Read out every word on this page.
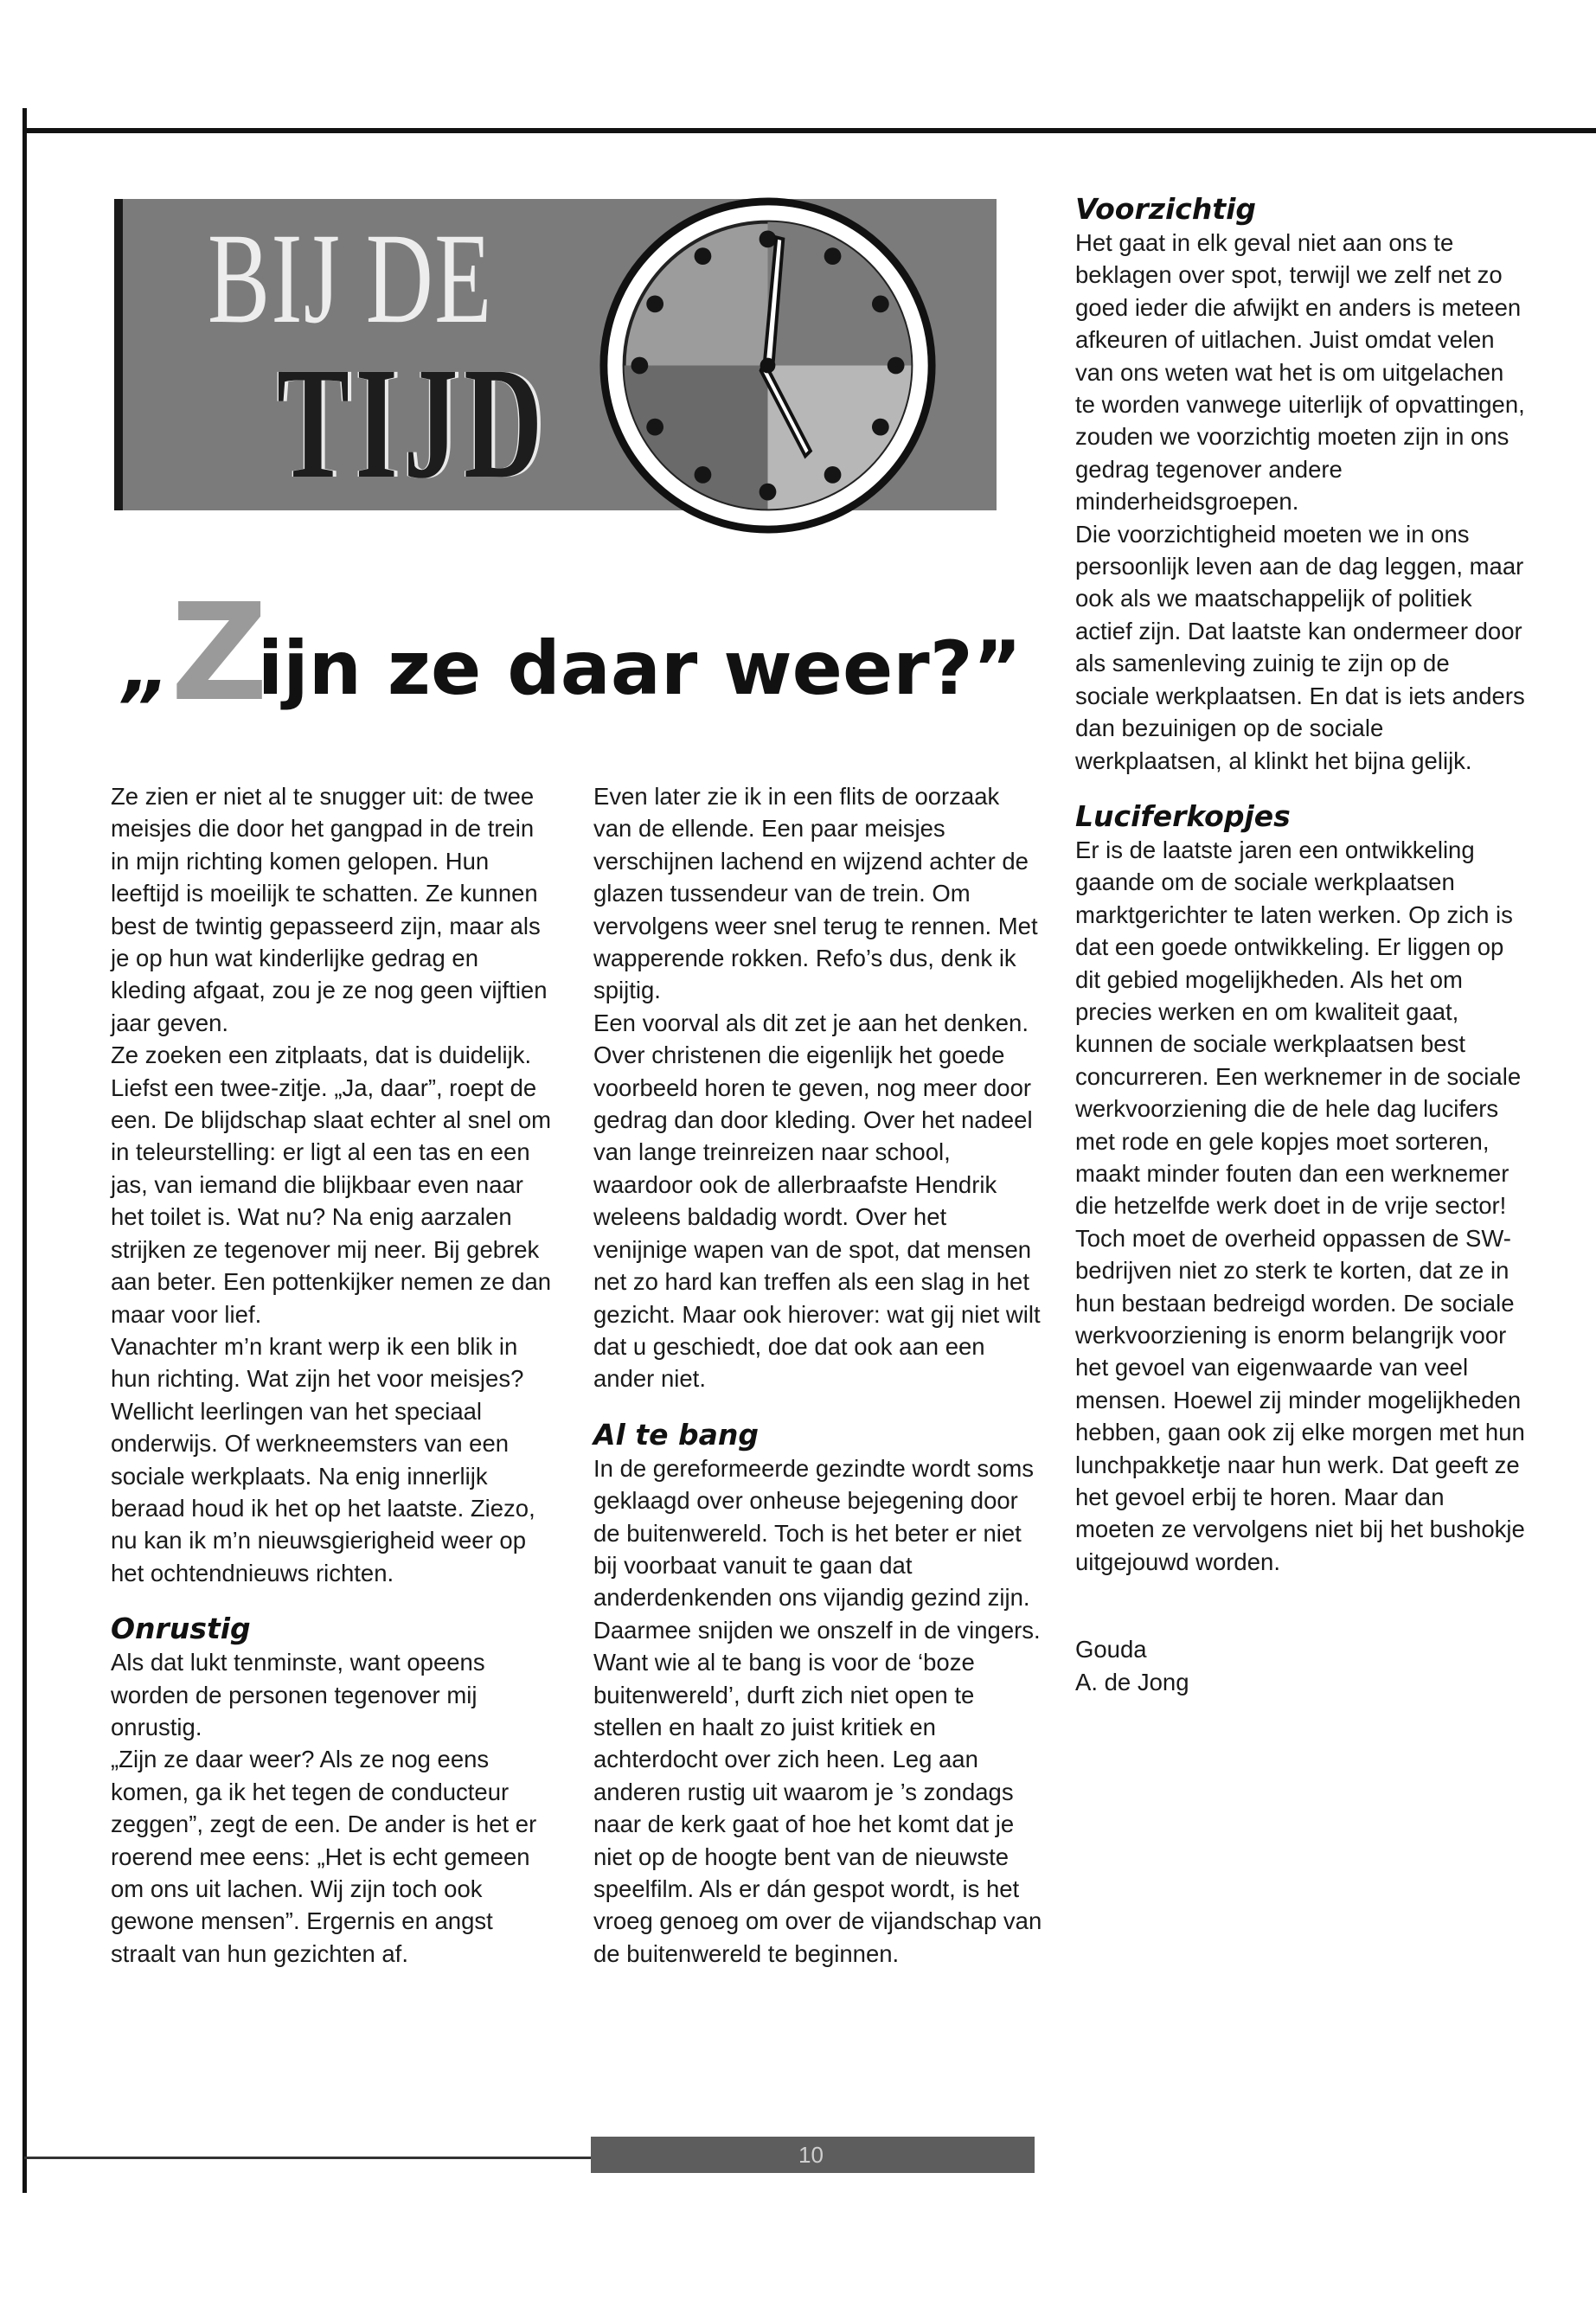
BIJ DE
TIJD
„Zijn ze daar weer?”

Ze zien er niet al te snugger uit: de twee meisjes die door het gangpad in de trein in mijn richting komen gelopen. Hun leeftijd is moeilijk te schatten. Ze kunnen best de twintig gepasseerd zijn, maar als je op hun wat kinderlijke gedrag en kleding afgaat, zou je ze nog geen vijftien jaar geven.

Ze zoeken een zitplaats, dat is duidelijk. Liefst een twee-zitje. „Ja, daar”, roept de een. De blijdschap slaat echter al snel om in teleurstelling: er ligt al een tas en een jas, van iemand die blijkbaar even naar het toilet is. Wat nu? Na enig aarzalen strijken ze tegenover mij neer. Bij gebrek aan beter. Een pottenkijker nemen ze dan maar voor lief.

Vanachter m’n krant werp ik een blik in hun richting. Wat zijn het voor meisjes? Wellicht leerlingen van het speciaal onderwijs. Of werkneemsters van een sociale werkplaats. Na enig innerlijk beraad houd ik het op het laatste. Ziezo, nu kan ik m’n nieuwsgierigheid weer op het ochtendnieuws richten.

Onrustig

Als dat lukt tenminste, want opeens worden de personen tegenover mij onrustig.

„Zijn ze daar weer? Als ze nog eens komen, ga ik het tegen de conducteur zeggen”, zegt de een. De ander is het er roerend mee eens: „Het is echt gemeen om ons uit lachen. Wij zijn toch ook gewone mensen”. Ergernis en angst straalt van hun gezichten af.

Even later zie ik in een flits de oorzaak van de ellende. Een paar meisjes verschijnen lachend en wijzend achter de glazen tussendeur van de trein. Om vervolgens weer snel terug te rennen. Met wapperende rokken. Refo’s dus, denk ik spijtig.

Een voorval als dit zet je aan het denken. Over christenen die eigenlijk het goede voorbeeld horen te geven, nog meer door gedrag dan door kleding. Over het nadeel van lange treinreizen naar school, waardoor ook de allerbraafste Hendrik weleens baldadig wordt. Over het venijnige wapen van de spot, dat mensen net zo hard kan treffen als een slag in het gezicht. Maar ook hierover: wat gij niet wilt dat u geschiedt, doe dat ook aan een ander niet.

Al te bang

In de gereformeerde gezindte wordt soms geklaagd over onheuse bejegening door de buitenwereld. Toch is het beter er niet bij voorbaat vanuit te gaan dat anderdenkenden ons vijandig gezind zijn. Daarmee snijden we onszelf in de vingers. Want wie al te bang is voor de ‘boze buitenwereld’, durft zich niet open te stellen en haalt zo juist kritiek en achterdocht over zich heen. Leg aan anderen rustig uit waarom je ’s zondags naar de kerk gaat of hoe het komt dat je niet op de hoogte bent van de nieuwste speelfilm. Als er dán gespot wordt, is het vroeg genoeg om over de vijandschap van de buitenwereld te beginnen.

Voorzichtig

Het gaat in elk geval niet aan ons te beklagen over spot, terwijl we zelf net zo goed ieder die afwijkt en anders is meteen afkeuren of uitlachen. Juist omdat velen van ons weten wat het is om uitgelachen te worden vanwege uiterlijk of opvattingen, zouden we voorzichtig moeten zijn in ons gedrag tegenover andere minderheidsgroepen.

Die voorzichtigheid moeten we in ons persoonlijk leven aan de dag leggen, maar ook als we maatschappelijk of politiek actief zijn. Dat laatste kan ondermeer door als samenleving zuinig te zijn op de sociale werkplaatsen. En dat is iets anders dan bezuinigen op de sociale werkplaatsen, al klinkt het bijna gelijk.

Luciferkopjes

Er is de laatste jaren een ontwikkeling gaande om de sociale werkplaatsen marktgerichter te laten werken. Op zich is dat een goede ontwikkeling. Er liggen op dit gebied mogelijkheden. Als het om precies werken en om kwaliteit gaat, kunnen de sociale werkplaatsen best concurreren. Een werknemer in de sociale werkvoorziening die de hele dag lucifers met rode en gele kopjes moet sorteren, maakt minder fouten dan een werknemer die hetzelfde werk doet in de vrije sector!

Toch moet de overheid oppassen de SW-bedrijven niet zo sterk te korten, dat ze in hun bestaan bedreigd worden. De sociale werkvoorziening is enorm belangrijk voor het gevoel van eigenwaarde van veel mensen. Hoewel zij minder mogelijkheden hebben, gaan ook zij elke morgen met hun lunchpakketje naar hun werk. Dat geeft ze het gevoel erbij te horen. Maar dan moeten ze vervolgens niet bij het bushokje uitgejouwd worden.

Gouda

A. de Jong

10
